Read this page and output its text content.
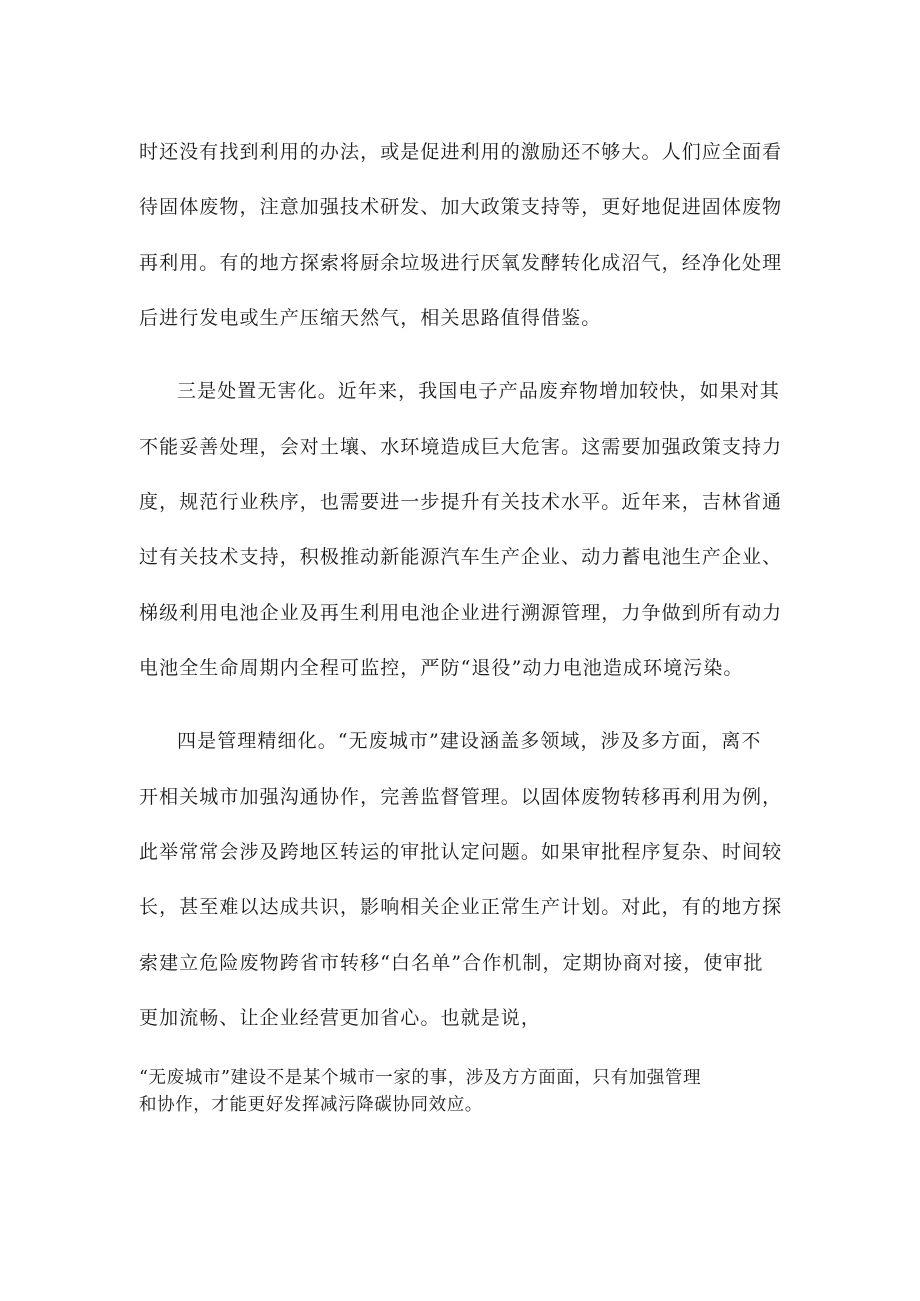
时还没有找到利用的办法，或是促进利用的激励还不够大。人们应全面看
待固体废物，注意加强技术研发、加大政策支持等，更好地促进固体废物
再利用。有的地方探索将厨余垃圾进行厌氧发酵转化成沼气，经净化处理
后进行发电或生产压缩天然气，相关思路值得借鉴。
三是处置无害化。近年来，我国电子产品废弃物增加较快，如果对其
不能妥善处理，会对土壤、水环境造成巨大危害。这需要加强政策支持力
度，规范行业秩序，也需要进一步提升有关技术水平。近年来，吉林省通
过有关技术支持，积极推动新能源汽车生产企业、动力蓄电池生产企业、
梯级利用电池企业及再生利用电池企业进行溯源管理，力争做到所有动力
电池全生命周期内全程可监控，严防“退役”动力电池造成环境污染。
四是管理精细化。“无废城市”建设涵盖多领域，涉及多方面，离不
开相关城市加强沟通协作，完善监督管理。以固体废物转移再利用为例，
此举常常会涉及跨地区转运的审批认定问题。如果审批程序复杂、时间较
长，甚至难以达成共识，影响相关企业正常生产计划。对此，有的地方探
索建立危险废物跨省市转移“白名单”合作机制，定期协商对接，使审批
更加流畅、让企业经营更加省心。也就是说，
“无废城市”建设不是某个城市一家的事，涉及方方面面，只有加强管理
和协作，才能更好发挥减污降碳协同效应。
